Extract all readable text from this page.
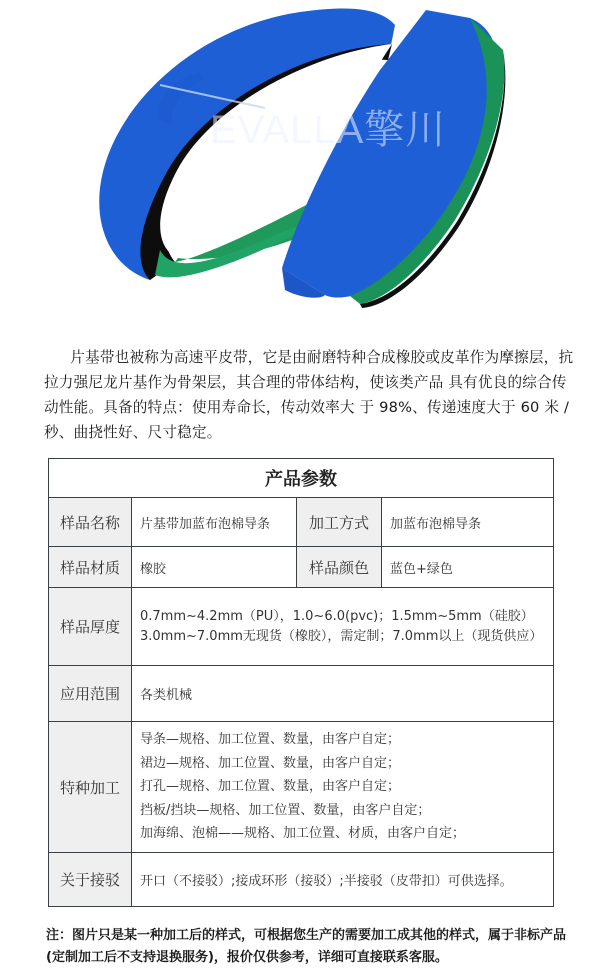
EVALLA擎川

片基带也被称为高速平皮带，它是由耐磨特种合成橡胶或皮革作为摩擦层，抗拉力强尼龙片基作为骨架层，其合理的带体结构，使该类产品 具有优良的综合传动性能。具备的特点：使用寿命长，传动效率大 于 98%、传递速度大于 60 米 / 秒、曲挠性好、尺寸稳定。

产品参数			
样品名称	片基带加蓝布泡棉导条	加工方式	加蓝布泡棉导条
样品材质	橡胶	样品颜色	蓝色+绿色
样品厚度	0.7mm~4.2mm（PU），1.0~6.0(pvc)；1.5mm~5mm（硅胶）
3.0mm~7.0mm无现货（橡胶），需定制；7.0mm以上（现货供应）		

应用范围	各类机械		
特种加工	导条—规格、加工位置、数量，由客户自定；
裙边—规格、加工位置、数量，由客户自定；
打孔—规格、加工位置、数量，由客户自定；
挡板/挡块—规格、加工位置、数量，由客户自定；
加海绵、泡棉——规格、加工位置、材质，由客户自定；		

关于接驳	开口（不接驳）;接成环形（接驳）;半接驳（皮带扣）可供选择。		

注：图片只是某一种加工后的样式，可根据您生产的需要加工成其他的样式，属于非标产品(定制加工后不支持退换服务)，报价仅供参考，详细可直接联系客服。
